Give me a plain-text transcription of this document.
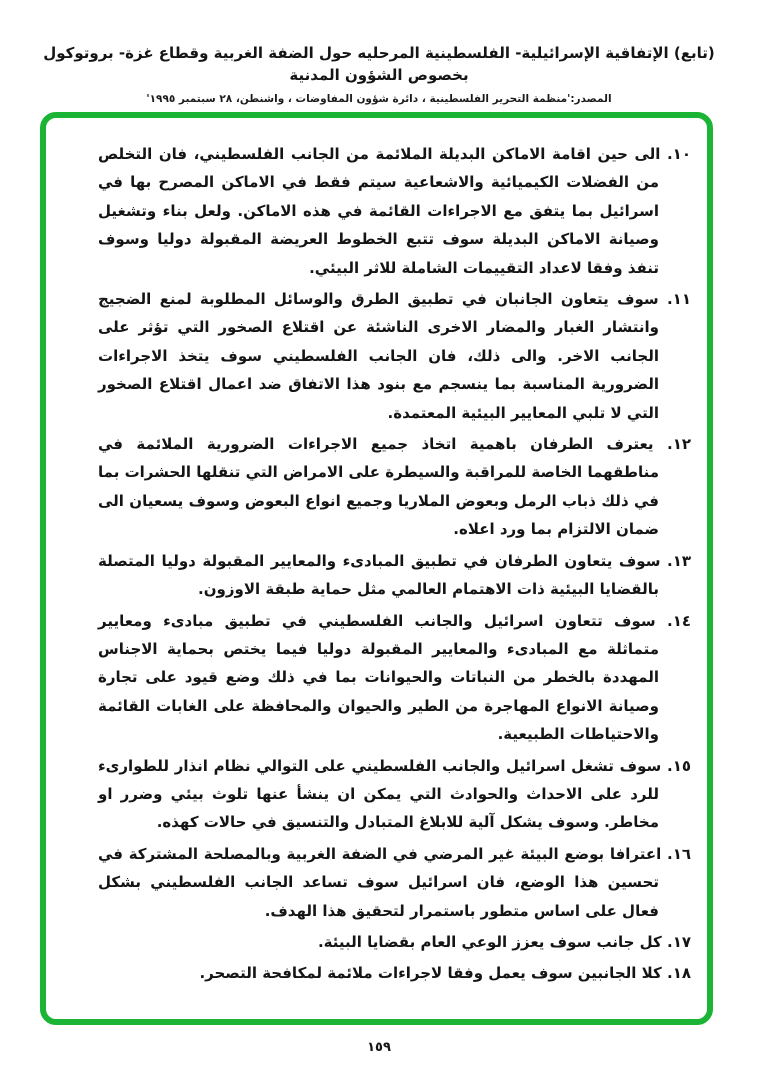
(تابع) الإتفاقية الإسرائيلية- الفلسطينية المرحليه حول الضفة الغربية وقطاع غزة- بروتوكول بخصوص الشؤون المدنية
المصدر:'منظمة التحرير الفلسطينية ، دائرة شؤون المفاوضات ، واشنطن، ٢٨ سبتمبر ١٩٩٥'
١٠. الى حين اقامة الاماكن البديلة الملائمة من الجانب الفلسطيني، فان التخلص من الفضلات الكيميائية والاشعاعية سيتم فقط في الاماكن المصرح بها في اسرائيل بما يتفق مع الاجراءات القائمة في هذه الاماكن. ولعل بناء وتشغيل وصيانة الاماكن البديلة سوف تتبع الخطوط العريضة المقبولة دوليا وسوف تنفذ وفقا لاعداد التقييمات الشاملة للاثر البيئي.
١١. سوف يتعاون الجانبان في تطبيق الطرق والوسائل المطلوبة لمنع الضجيج وانتشار الغبار والمضار الاخرى الناشئة عن اقتلاع الصخور التي تؤثر على الجانب الاخر. والى ذلك، فان الجانب الفلسطيني سوف يتخذ الاجراءات الضرورية المناسبة بما ينسجم مع بنود هذا الاتفاق ضد اعمال اقتلاع الصخور التي لا تلبي المعايير البيئية المعتمدة.
١٢. يعترف الطرفان باهمية اتخاذ جميع الاجراءات الضرورية الملائمة في مناطقهما الخاصة للمراقبة والسيطرة على الامراض التي تنقلها الحشرات بما في ذلك ذباب الرمل وبعوض الملاريا وجميع انواع البعوض وسوف يسعيان الى ضمان الالتزام بما ورد اعلاه.
١٣. سوف يتعاون الطرفان في تطبيق المبادىء والمعايير المقبولة دوليا المتصلة بالقضايا البيئية ذات الاهتمام العالمي مثل حماية طبقة الاوزون.
١٤. سوف تتعاون اسرائيل والجانب الفلسطيني في تطبيق مبادىء ومعايير متماثلة مع المبادىء والمعايير المقبولة دوليا فيما يختص بحماية الاجناس المهددة بالخطر من النباتات والحيوانات بما في ذلك وضع قيود على تجارة وصيانة الانواع المهاجرة من الطير والحيوان والمحافظة على الغابات القائمة والاحتياطات الطبيعية.
١٥. سوف تشغل اسرائيل والجانب الفلسطيني على التوالي نظام انذار للطوارىء للرد على الاحداث والحوادث التي يمكن ان ينشأ عنها تلوث بيئي وضرر او مخاطر. وسوف يشكل آلية للابلاغ المتبادل والتنسيق في حالات كهذه.
١٦. اعترافا بوضع البيئة غير المرضي في الضفة الغربية وبالمصلحة المشتركة في تحسين هذا الوضع، فان اسرائيل سوف تساعد الجانب الفلسطيني بشكل فعال على اساس متطور باستمرار لتحقيق هذا الهدف.
١٧. كل جانب سوف يعزز الوعي العام بقضايا البيئة.
١٨. كلا الجانبين سوف يعمل وفقا لاجراءات ملائمة لمكافحة التصحر.
١٥٩
